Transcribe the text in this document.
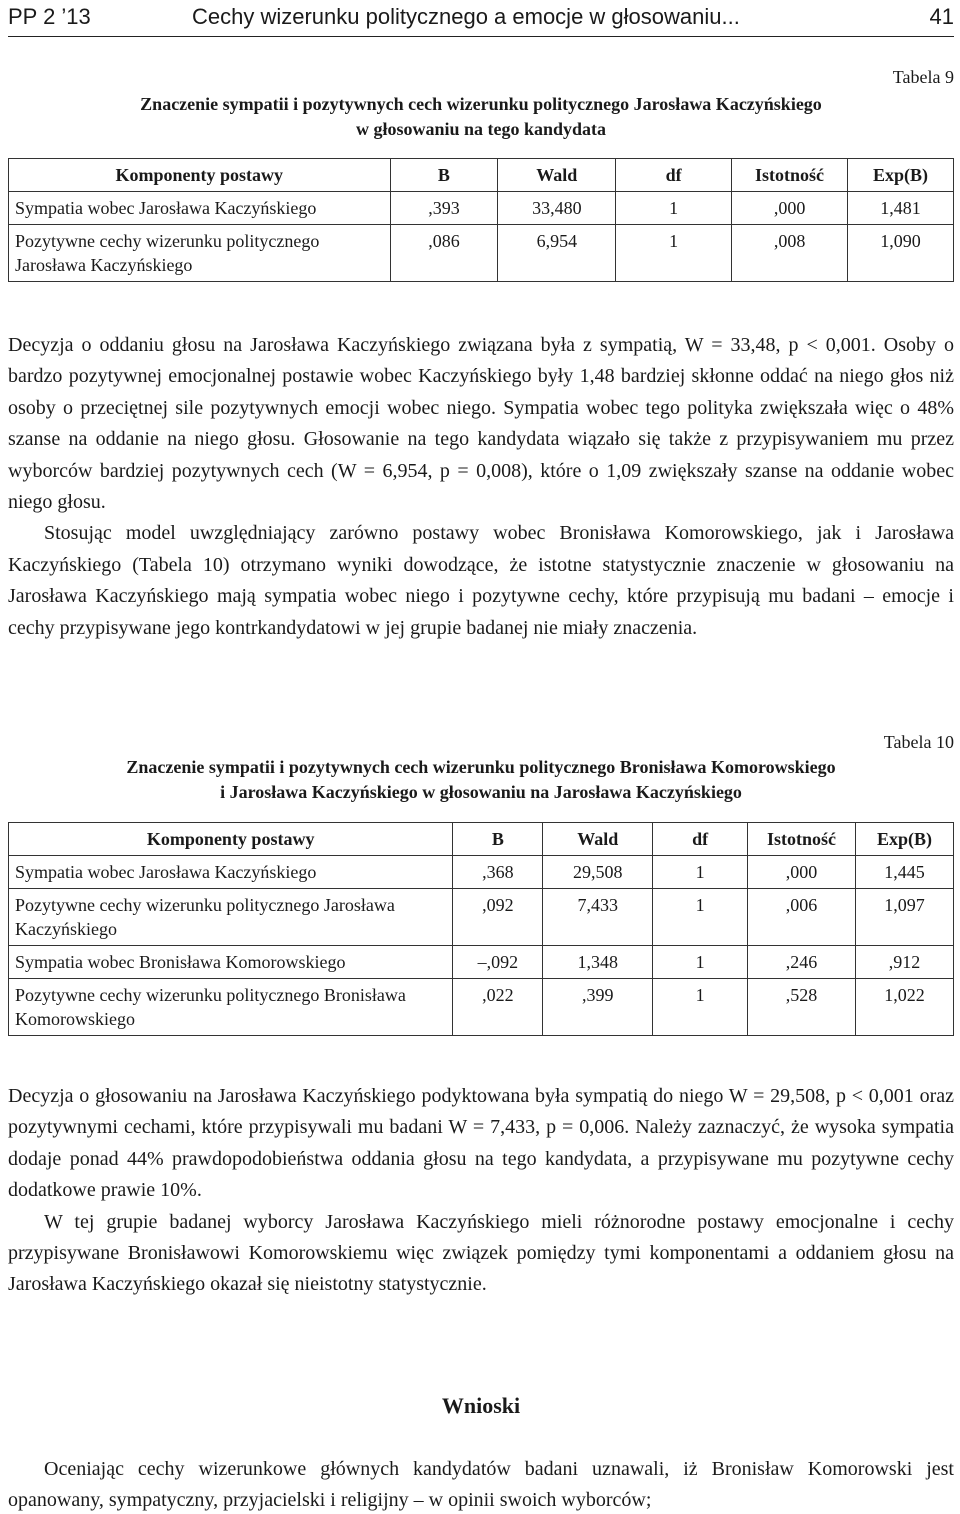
PP 2 ’13	Cechy wizerunku politycznego a emocje w głosowaniu...	41
Tabela 9
Znaczenie sympatii i pozytywnych cech wizerunku politycznego Jarosława Kaczyńskiego
w głosowaniu na tego kandydata
Komponenty postawy	B	Wald	df	Istotność	Exp(B)
Sympatia wobec Jarosława Kaczyńskiego	,393	33,480	1	,000	1,481
Pozytywne cechy wizerunku politycznego Jarosława Kaczyńskiego	,086	6,954	1	,008	1,090

Decyzja o oddaniu głosu na Jarosława Kaczyńskiego związana była z sympatią, W = 33,48, p < 0,001. Osoby o bardzo pozytywnej emocjonalnej postawie wobec Kaczyńskiego były 1,48 bardziej skłonne oddać na niego głos niż osoby o przeciętnej sile pozytywnych emocji wobec niego. Sympatia wobec tego polityka zwiększała więc o 48% szanse na oddanie na niego głosu. Głosowanie na tego kandydata wiązało się także z przypisywaniem mu przez wyborców bardziej pozytywnych cech (W = 6,954, p = 0,008), które o 1,09 zwiększały szanse na oddanie wobec niego głosu.

Stosując model uwzględniający zarówno postawy wobec Bronisława Komorowskiego, jak i Jarosława Kaczyńskiego (Tabela 10) otrzymano wyniki dowodzące, że istotne statystycznie znaczenie w głosowaniu na Jarosława Kaczyńskiego mają sympatia wobec niego i pozytywne cechy, które przypisują mu badani – emocje i cechy przypisywane jego kontrkandydatowi w jej grupie badanej nie miały znaczenia.

Tabela 10
Znaczenie sympatii i pozytywnych cech wizerunku politycznego Bronisława Komorowskiego
i Jarosława Kaczyńskiego w głosowaniu na Jarosława Kaczyńskiego
Komponenty postawy	B	Wald	df	Istotność	Exp(B)
Sympatia wobec Jarosława Kaczyńskiego	,368	29,508	1	,000	1,445
Pozytywne cechy wizerunku politycznego Jarosława Kaczyńskiego	,092	7,433	1	,006	1,097
Sympatia wobec Bronisława Komorowskiego	–,092	1,348	1	,246	,912
Pozytywne cechy wizerunku politycznego Bronisława Komorowskiego	,022	,399	1	,528	1,022

Decyzja o głosowaniu na Jarosława Kaczyńskiego podyktowana była sympatią do niego W = 29,508, p < 0,001 oraz pozytywnymi cechami, które przypisywali mu badani W = 7,433, p = 0,006. Należy zaznaczyć, że wysoka sympatia dodaje ponad 44% prawdopodobieństwa oddania głosu na tego kandydata, a przypisywane mu pozytywne cechy dodatkowe prawie 10%.

W tej grupie badanej wyborcy Jarosława Kaczyńskiego mieli różnorodne postawy emocjonalne i cechy przypisywane Bronisławowi Komorowskiemu więc związek pomiędzy tymi komponentami a oddaniem głosu na Jarosława Kaczyńskiego okazał się nieistotny statystycznie.

Wnioski

Oceniając cechy wizerunkowe głównych kandydatów badani uznawali, iż Bronisław Komorowski jest opanowany, sympatyczny, przyjacielski i religijny – w opinii swoich wyborców;
